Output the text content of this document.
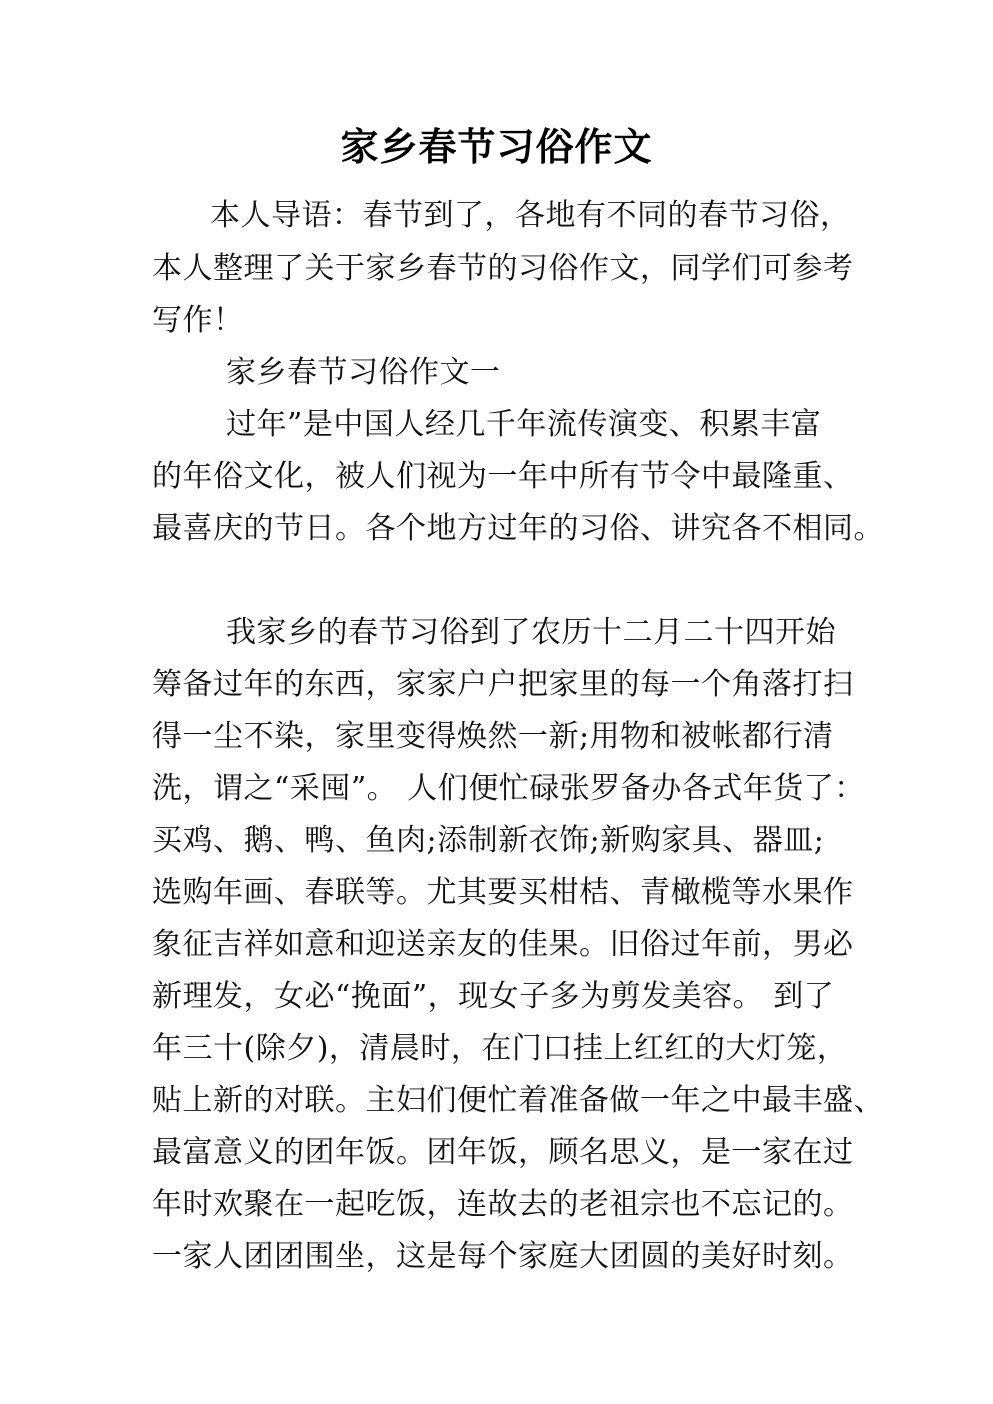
家乡春节习俗作文
本人导语：春节到了，各地有不同的春节习俗，
本人整理了关于家乡春节的习俗作文，同学们可参考
写作！
家乡春节习俗作文一
过年”是中国人经几千年流传演变、积累丰富
的年俗文化，被人们视为一年中所有节令中最隆重、
最喜庆的节日。各个地方过年的习俗、讲究各不相同。
我家乡的春节习俗到了农历十二月二十四开始
筹备过年的东西，家家户户把家里的每一个角落打扫
得一尘不染，家里变得焕然一新;用物和被帐都行清
洗，谓之“采囤”。 人们便忙碌张罗备办各式年货了：
买鸡、鹅、鸭、鱼肉;添制新衣饰;新购家具、器皿;
选购年画、春联等。尤其要买柑桔、青橄榄等水果作
象征吉祥如意和迎送亲友的佳果。旧俗过年前，男必
新理发，女必“挽面”，现女子多为剪发美容。 到了
年三十(除夕)，清晨时，在门口挂上红红的大灯笼，
贴上新的对联。主妇们便忙着准备做一年之中最丰盛、
最富意义的团年饭。团年饭，顾名思义，是一家在过
年时欢聚在一起吃饭，连故去的老祖宗也不忘记的。
一家人团团围坐，这是每个家庭大团圆的美好时刻。
